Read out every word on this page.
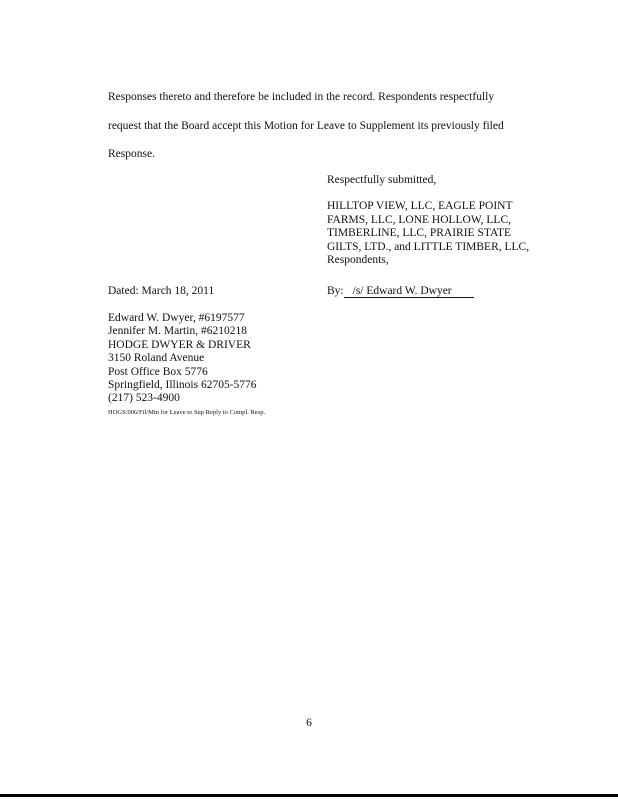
Responses thereto and therefore be included in the record. Respondents respectfully
request that the Board accept this Motion for Leave to Supplement its previously filed
Response.
Respectfully submitted,
HILLTOP VIEW, LLC, EAGLE POINT
FARMS, LLC, LONE HOLLOW, LLC,
TIMBERLINE, LLC, PRAIRIE STATE
GILTS, LTD., and LITTLE TIMBER, LLC,
Respondents,
Dated: March 18, 2011	By: /s/ Edward W. Dwyer
Edward W. Dwyer, #6197577
Jennifer M. Martin, #6210218
HODGE DWYER & DRIVER
3150 Roland Avenue
Post Office Box 5776
Springfield, Illinois 62705-5776
(217) 523-4900
HOGS:006/Fil/Mtn for Leave to Sup Reply to Compl. Resp.
6
